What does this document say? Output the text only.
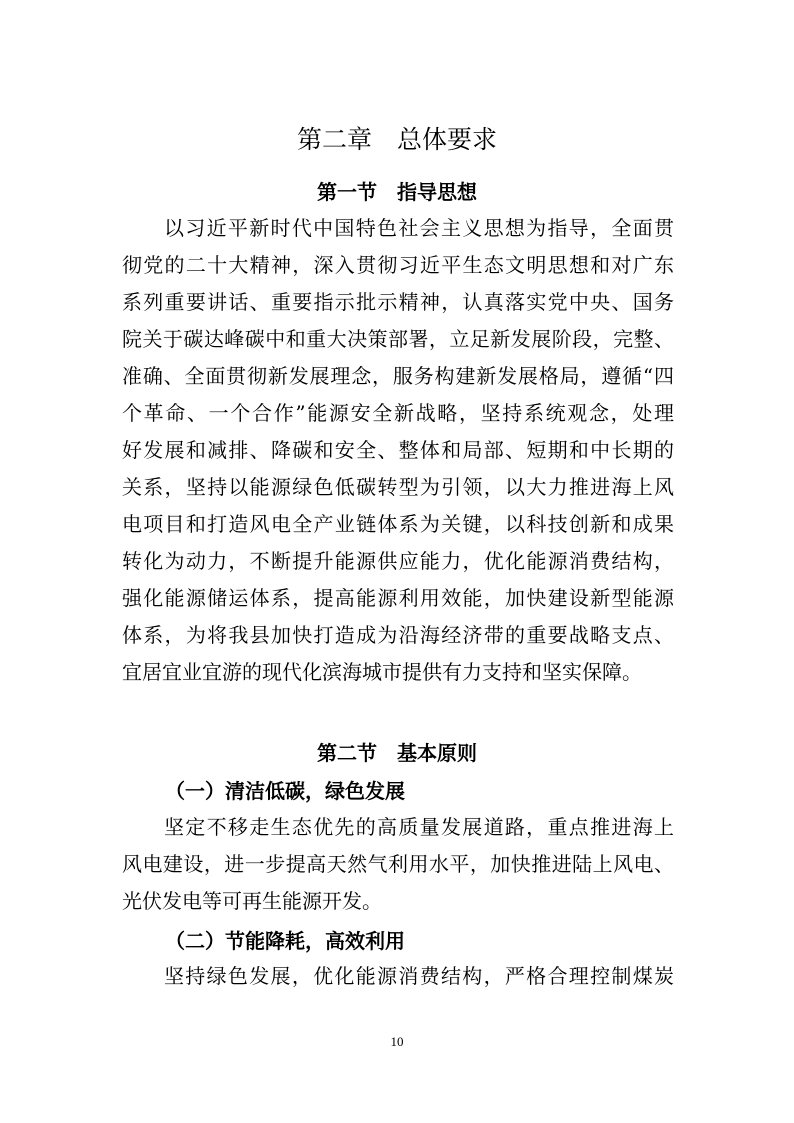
第二章　总体要求
第一节　指导思想
以习近平新时代中国特色社会主义思想为指导，全面贯
彻党的二十大精神，深入贯彻习近平生态文明思想和对广东
系列重要讲话、重要指示批示精神，认真落实党中央、国务
院关于碳达峰碳中和重大决策部署，立足新发展阶段，完整、
准确、全面贯彻新发展理念，服务构建新发展格局，遵循“四
个革命、一个合作”能源安全新战略，坚持系统观念，处理
好发展和减排、降碳和安全、整体和局部、短期和中长期的
关系，坚持以能源绿色低碳转型为引领，以大力推进海上风
电项目和打造风电全产业链体系为关键，以科技创新和成果
转化为动力，不断提升能源供应能力，优化能源消费结构，
强化能源储运体系，提高能源利用效能，加快建设新型能源
体系，为将我县加快打造成为沿海经济带的重要战略支点、
宜居宜业宜游的现代化滨海城市提供有力支持和坚实保障。
第二节　基本原则
（一）清洁低碳，绿色发展
坚定不移走生态优先的高质量发展道路，重点推进海上
风电建设，进一步提高天然气利用水平，加快推进陆上风电、
光伏发电等可再生能源开发。
（二）节能降耗，高效利用
坚持绿色发展，优化能源消费结构，严格合理控制煤炭
10
